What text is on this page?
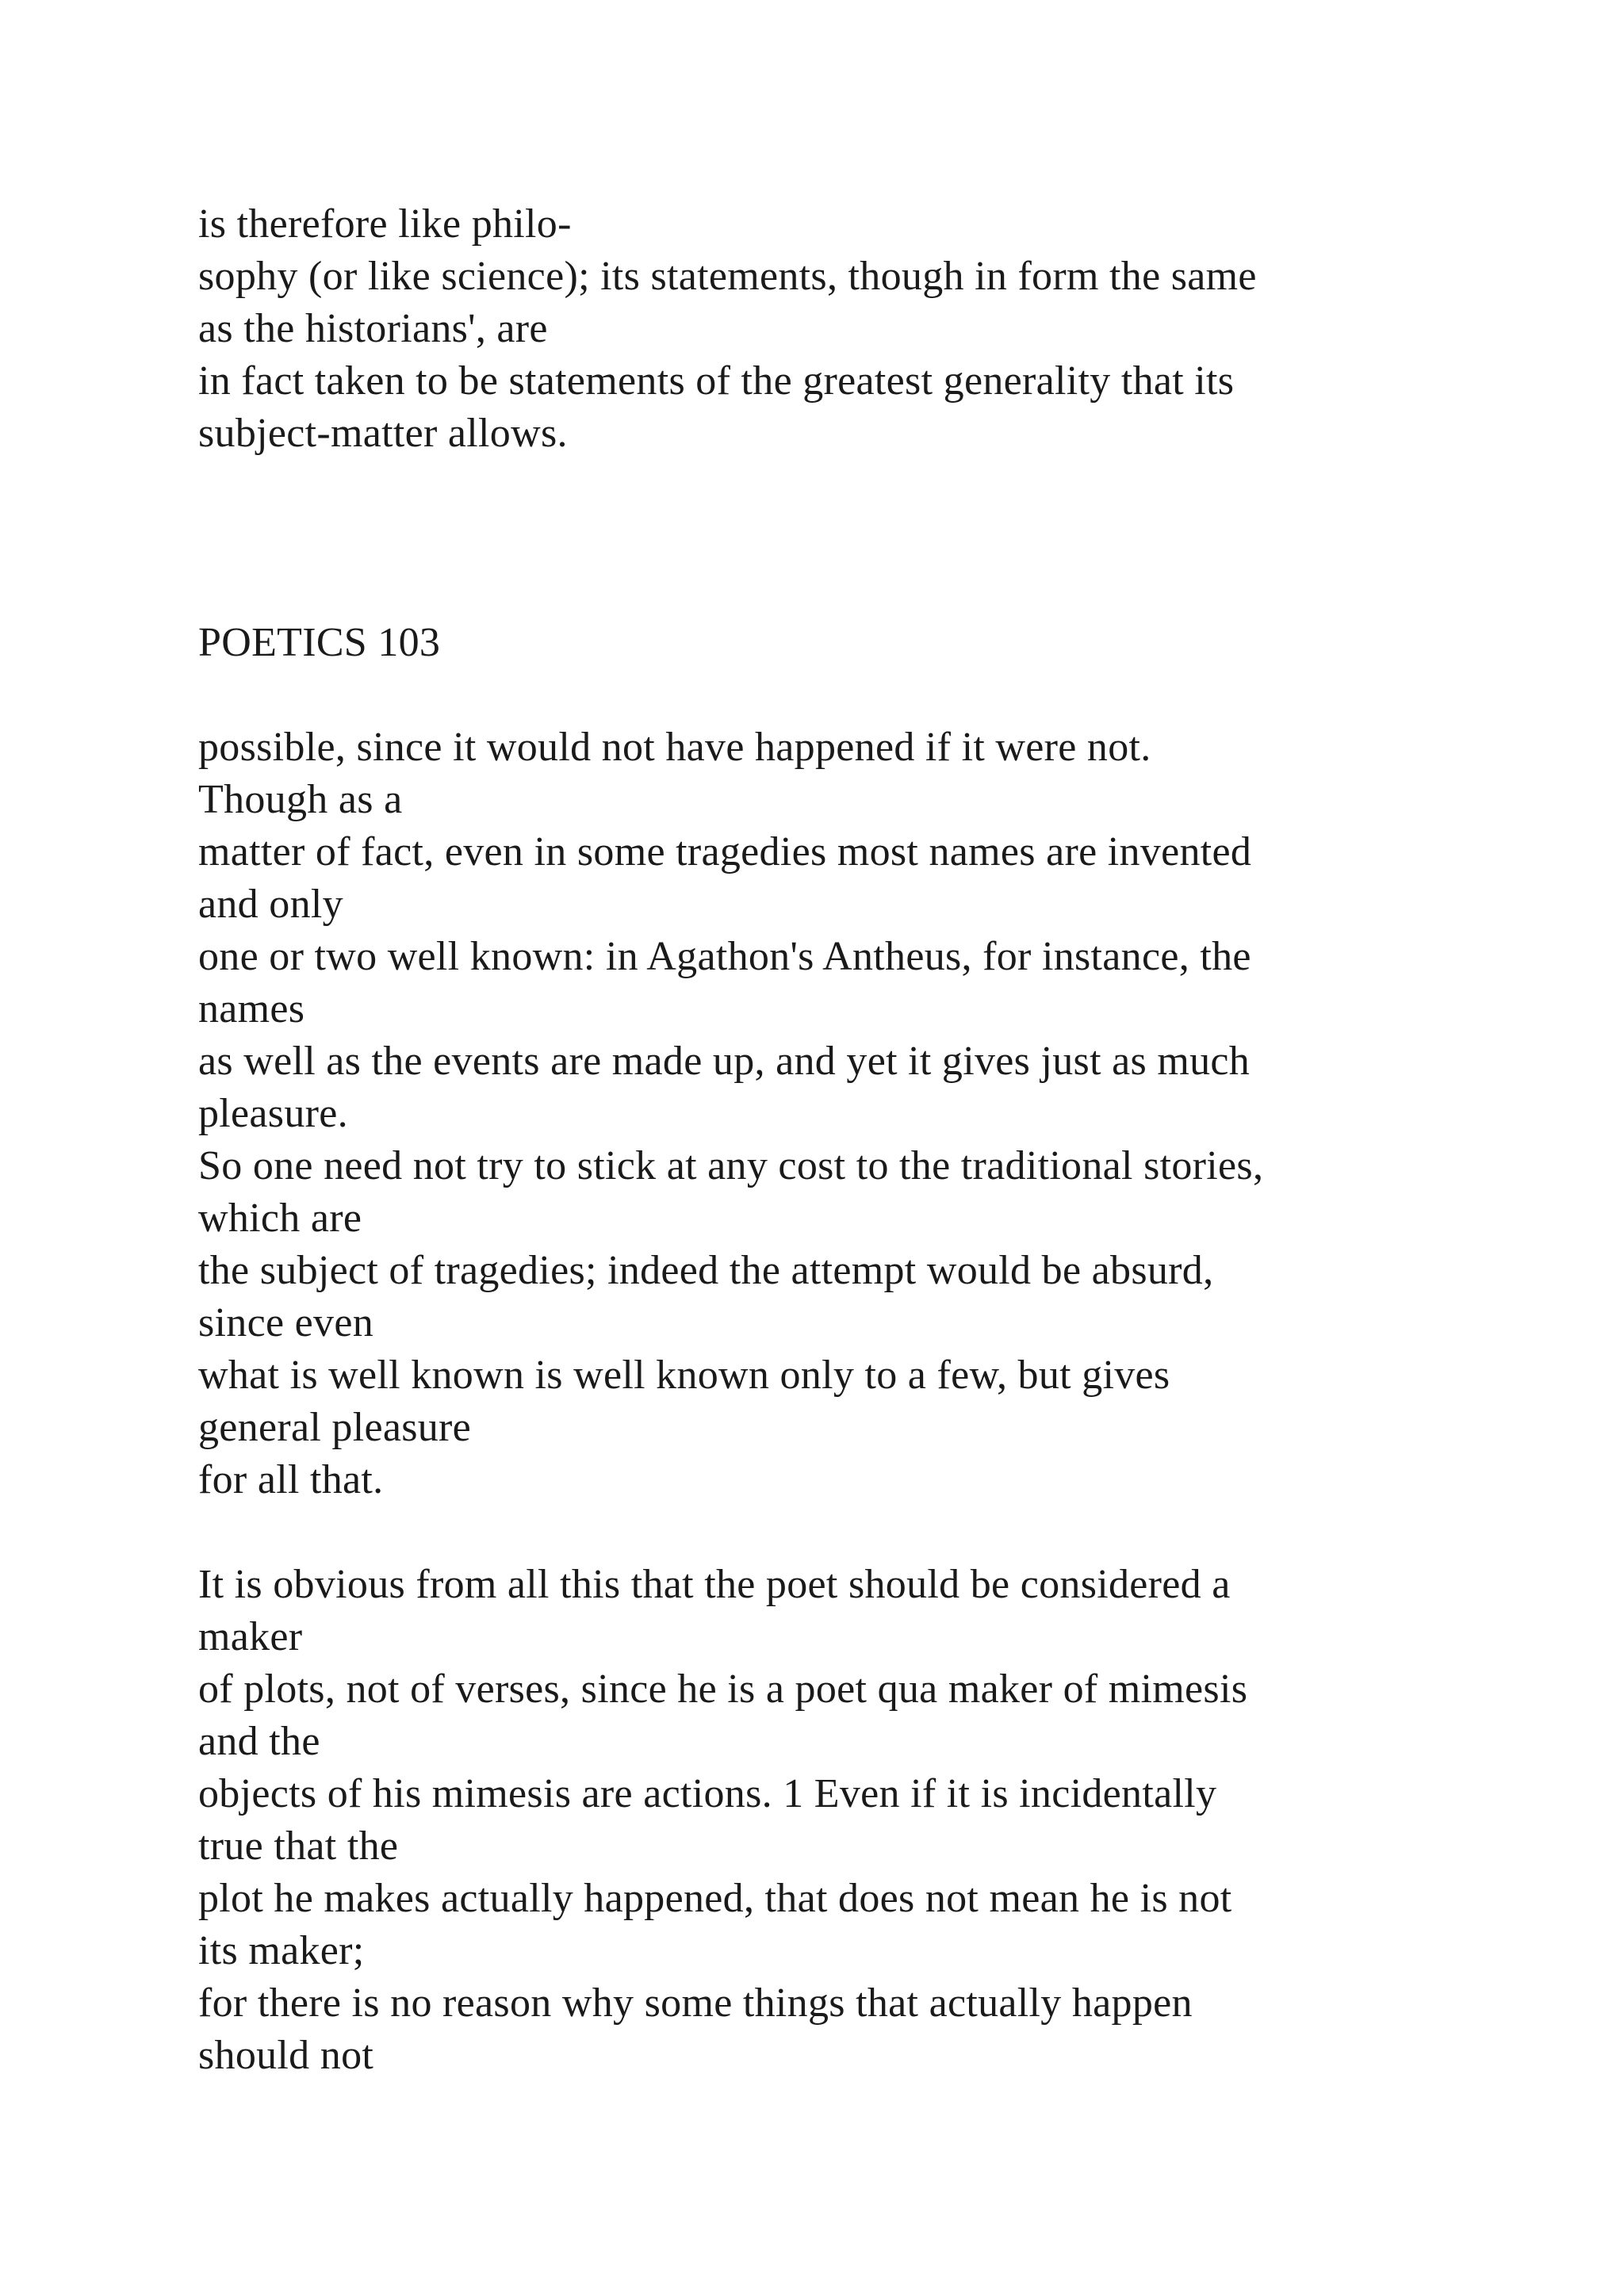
is therefore like philo-

sophy (or like science); its statements, though in form the same

as the historians', are

in fact taken to be statements of the greatest generality that its

subject-matter allows.

POETICS 103

possible, since it would not have happened if it were not.

Though as a

matter of fact, even in some tragedies most names are invented

and only

one or two well known: in Agathon's Antheus, for instance, the

names

as well as the events are made up, and yet it gives just as much

pleasure.

So one need not try to stick at any cost to the traditional stories,

which are

the subject of tragedies; indeed the attempt would be absurd,

since even

what is well known is well known only to a few, but gives

general pleasure

for all that.

It is obvious from all this that the poet should be considered a

maker

of plots, not of verses, since he is a poet qua maker of mimesis

and the

objects of his mimesis are actions. 1 Even if it is incidentally

true that the

plot he makes actually happened, that does not mean he is not

its maker;

for there is no reason why some things that actually happen

should not
